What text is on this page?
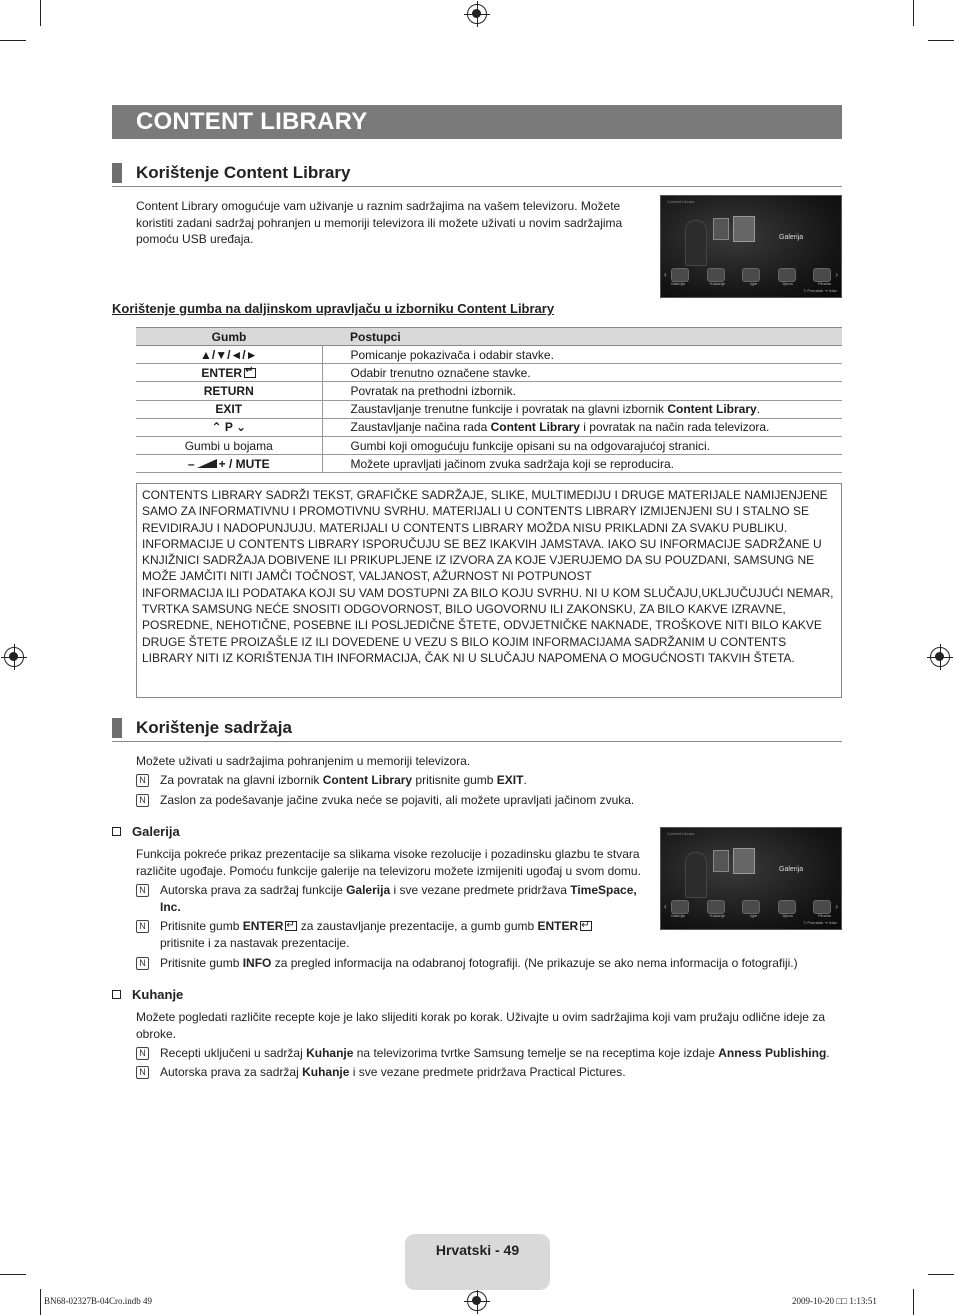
CONTENT LIBRARY
Korištenje Content Library
Content Library omogućuje vam uživanje u raznim sadržajima na vašem televizoru. Možete koristiti zadani sadržaj pohranjen u memoriji televizora ili možete uživati u novim sadržajima pomoću USB uređaja.
Content Library
Galerija
‹	›
Galerija	Kuhanje	Igre	Djeca	Fitness
⮌ Povratak ⇥ Izlaz
Korištenje gumba na daljinskom upravljaču u izborniku Content Library
Gumb	Postupci
▲/▼/◄/►	Pomicanje pokazivača i odabir stavke.
ENTER↵	Odabir trenutno označene stavke.
RETURN	Povratak na prethodni izbornik.
EXIT	Zaustavljanje trenutne funkcije i povratak na glavni izbornik Content Library.
⌃ P ⌄	Zaustavljanje načina rada Content Library i povratak na način rada televizora.
Gumbi u bojama	Gumbi koji omogućuju funkcije opisani su na odgovarajućoj stranici.
– + / MUTE	Možete upravljati jačinom zvuka sadržaja koji se reproducira.
CONTENTS LIBRARY SADRŽI TEKST, GRAFIČKE SADRŽAJE, SLIKE, MULTIMEDIJU I DRUGE MATERIJALE NAMIJENJENE SAMO ZA INFORMATIVNU I PROMOTIVNU SVRHU. MATERIJALI U CONTENTS LIBRARY IZMIJENJENI SU I STALNO SE REVIDIRAJU I NADOPUNJUJU. MATERIJALI U CONTENTS LIBRARY MOŽDA NISU PRIKLADNI ZA SVAKU PUBLIKU.
INFORMACIJE U CONTENTS LIBRARY ISPORUČUJU SE BEZ IKAKVIH JAMSTAVA. IAKO SU INFORMACIJE SADRŽANE U KNJIŽNICI SADRŽAJA DOBIVENE ILI PRIKUPLJENE IZ IZVORA ZA KOJE VJERUJEMO DA SU POUZDANI, SAMSUNG NE MOŽE JAMČITI NITI JAMČI TOČNOST, VALJANOST, AŽURNOST NI POTPUNOST
INFORMACIJA ILI PODATAKA KOJI SU VAM DOSTUPNI ZA BILO KOJU SVRHU. NI U KOM SLUČAJU,UKLJUČUJUĆI NEMAR, TVRTKA SAMSUNG NEĆE SNOSITI ODGOVORNOST, BILO UGOVORNU ILI ZAKONSKU, ZA BILO KAKVE IZRAVNE, POSREDNE, NEHOTIČNE, POSEBNE ILI POSLJEDIČNE ŠTETE, ODVJETNIČKE NAKNADE, TROŠKOVE NITI BILO KAKVE DRUGE ŠTETE PROIZAŠLE IZ ILI DOVEDENE U VEZU S BILO KOJIM INFORMACIJAMA SADRŽANIM U CONTENTS LIBRARY NITI IZ KORIŠTENJA TIH INFORMACIJA, ČAK NI U SLUČAJU NAPOMENA O MOGUĆNOSTI TAKVIH ŠTETA.
Korištenje sadržaja
Možete uživati u sadržajima pohranjenim u memoriji televizora.
N Za povratak na glavni izbornik Content Library pritisnite gumb EXIT.
N Zaslon za podešavanje jačine zvuka neće se pojaviti, ali možete upravljati jačinom zvuka.
Galerija
Funkcija pokreće prikaz prezentacije sa slikama visoke rezolucije i pozadinsku glazbu te stvara različite ugođaje. Pomoću funkcije galerije na televizoru možete izmijeniti ugođaj u svom domu.
N Autorska prava za sadržaj funkcije Galerija i sve vezane predmete pridržava TimeSpace, Inc.
N Pritisnite gumb ENTER↵ za zaustavljanje prezentacije, a gumb gumb ENTER↵
pritisnite i za nastavak prezentacije.
N Pritisnite gumb INFO za pregled informacija na odabranoj fotografiji. (Ne prikazuje se ako nema informacija o fotografiji.)
Content Library
Galerija
‹	›
Galerija	Kuhanje	Igre	Djeca	Fitness
⮌ Povratak ⇥ Izlaz
Kuhanje
Možete pogledati različite recepte koje je lako slijediti korak po korak. Uživajte u ovim sadržajima koji vam pružaju odlične ideje za obroke.
N Recepti uključeni u sadržaj Kuhanje na televizorima tvrtke Samsung temelje se na receptima koje izdaje Anness Publishing.
N Autorska prava za sadržaj Kuhanje i sve vezane predmete pridržava Practical Pictures.
Hrvatski - 49
BN68-02327B-04Cro.indb 49	2009-10-20 □□ 1:13:51
